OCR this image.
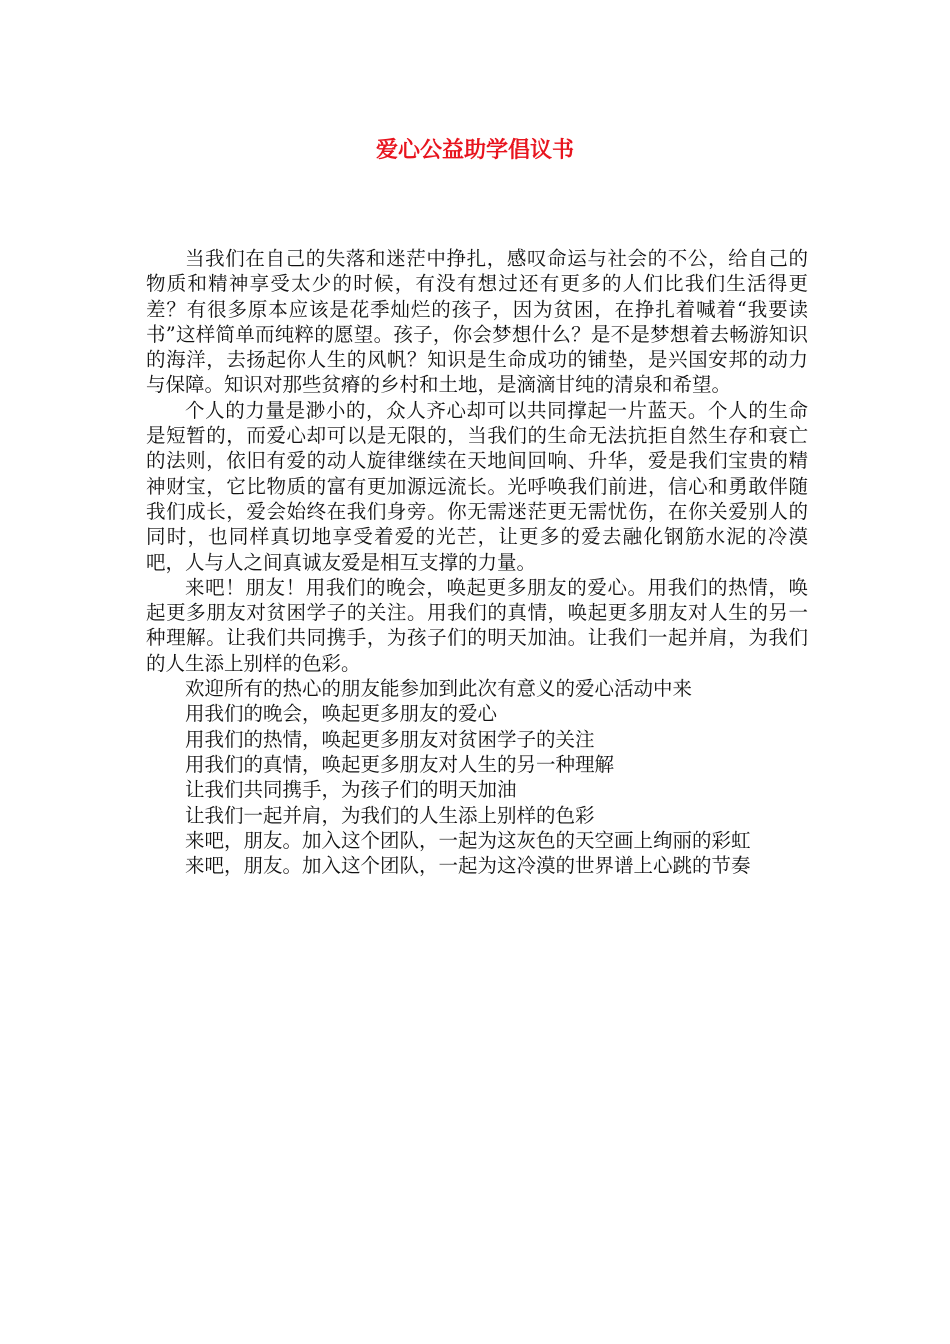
爱心公益助学倡议书

当我们在自己的失落和迷茫中挣扎，感叹命运与社会的不公，给自己的物质和精神享受太少的时候，有没有想过还有更多的人们比我们生活得更差？有很多原本应该是花季灿烂的孩子，因为贫困，在挣扎着喊着“我要读书”这样简单而纯粹的愿望。孩子，你会梦想什么？是不是梦想着去畅游知识的海洋，去扬起你人生的风帆？知识是生命成功的铺垫，是兴国安邦的动力与保障。知识对那些贫瘠的乡村和土地，是滴滴甘纯的清泉和希望。

个人的力量是渺小的，众人齐心却可以共同撑起一片蓝天。个人的生命是短暂的，而爱心却可以是无限的，当我们的生命无法抗拒自然生存和衰亡的法则，依旧有爱的动人旋律继续在天地间回响、升华，爱是我们宝贵的精神财宝，它比物质的富有更加源远流长。光呼唤我们前进，信心和勇敢伴随我们成长，爱会始终在我们身旁。你无需迷茫更无需忧伤，在你关爱别人的同时，也同样真切地享受着爱的光芒，让更多的爱去融化钢筋水泥的冷漠吧，人与人之间真诚友爱是相互支撑的力量。

来吧！朋友！用我们的晚会，唤起更多朋友的爱心。用我们的热情，唤起更多朋友对贫困学子的关注。用我们的真情，唤起更多朋友对人生的另一种理解。让我们共同携手，为孩子们的明天加油。让我们一起并肩，为我们的人生添上别样的色彩。

欢迎所有的热心的朋友能参加到此次有意义的爱心活动中来

用我们的晚会，唤起更多朋友的爱心

用我们的热情，唤起更多朋友对贫困学子的关注

用我们的真情，唤起更多朋友对人生的另一种理解

让我们共同携手，为孩子们的明天加油

让我们一起并肩，为我们的人生添上别样的色彩

来吧，朋友。加入这个团队，一起为这灰色的天空画上绚丽的彩虹

来吧，朋友。加入这个团队，一起为这冷漠的世界谱上心跳的节奏
